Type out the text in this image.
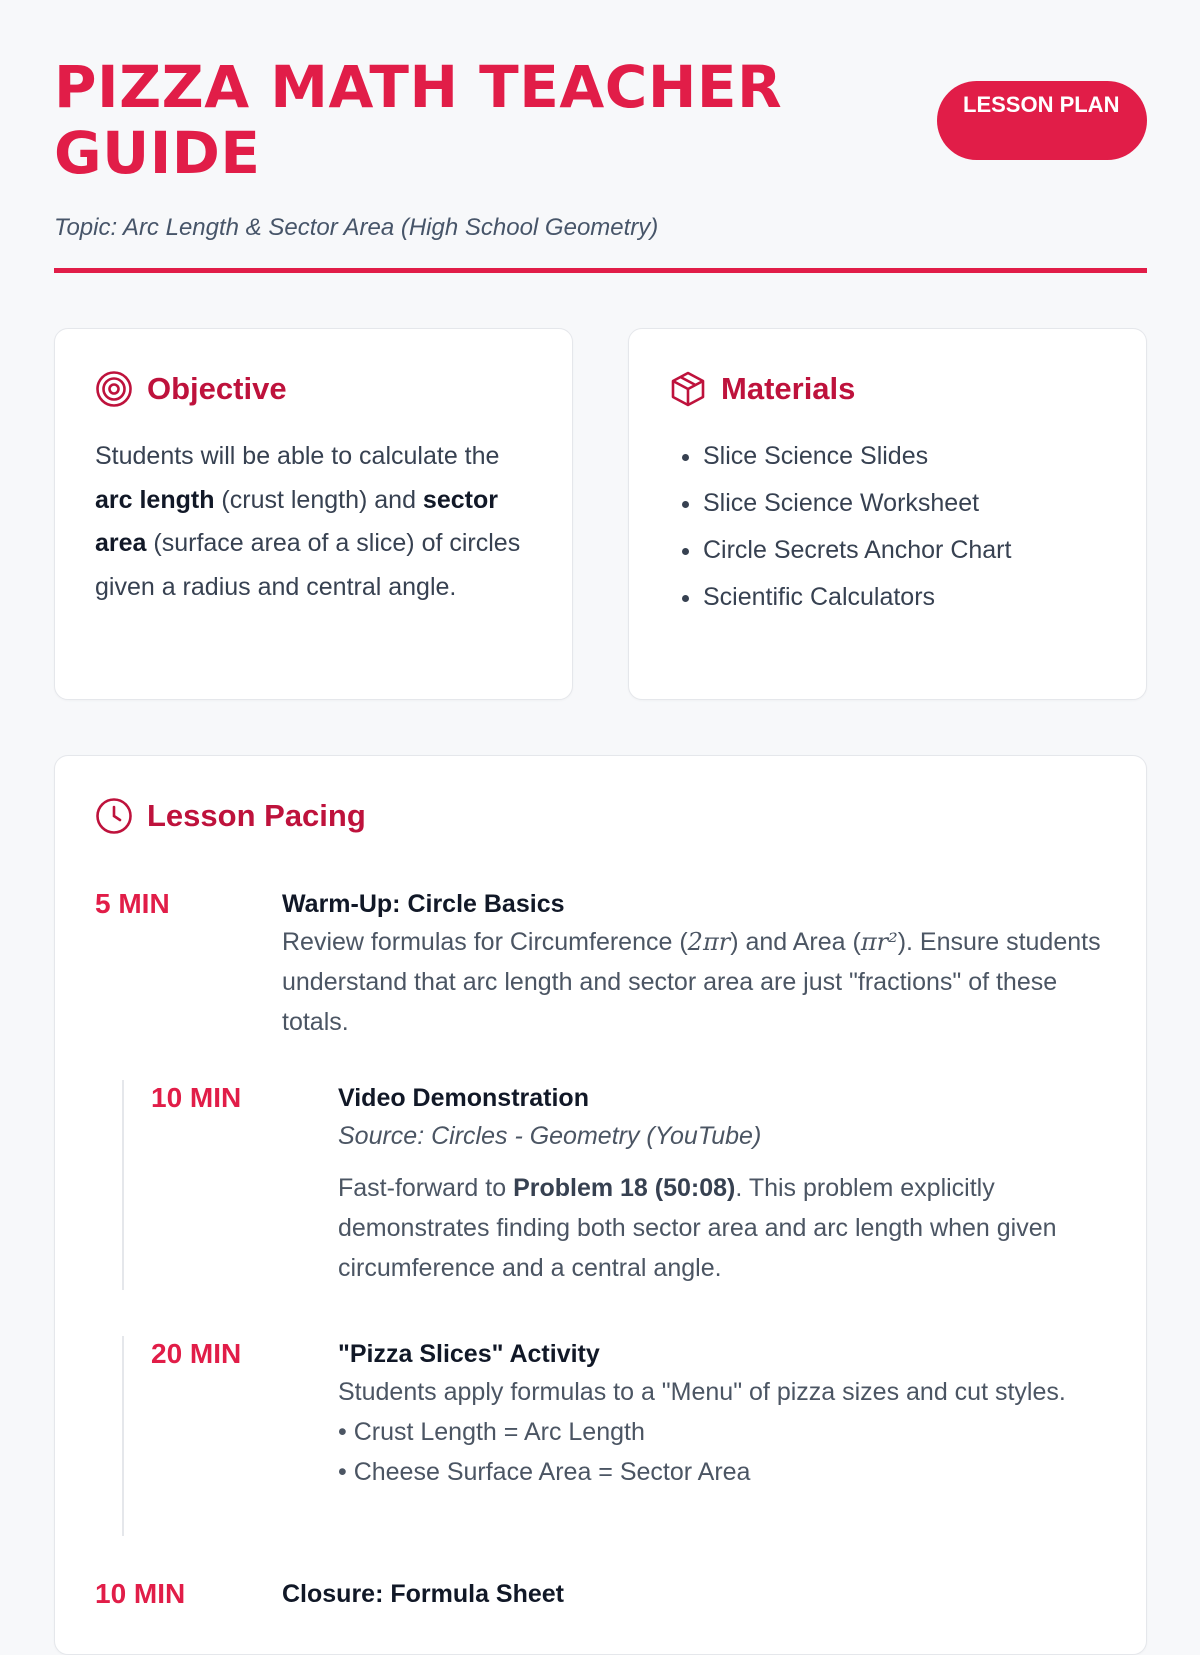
PIZZA MATH TEACHER GUIDE
LESSON PLAN
Topic: Arc Length & Sector Area (High School Geometry)
Objective
Students will be able to calculate the arc length (crust length) and sector area (surface area of a slice) of circles given a radius and central angle.
Materials
• Slice Science Slides
• Slice Science Worksheet
• Circle Secrets Anchor Chart
• Scientific Calculators
Lesson Pacing
5 MIN	Warm-Up: Circle Basics

Review formulas for Circumference (2πr) and Area (πr²). Ensure students understand that arc length and sector area are just "fractions" of these totals.

10 MIN	Video Demonstration

Source: Circles - Geometry (YouTube)

Fast-forward to Problem 18 (50:08). This problem explicitly demonstrates finding both sector area and arc length when given circumference and a central angle.

20 MIN	"Pizza Slices" Activity

Students apply formulas to a "Menu" of pizza sizes and cut styles.

• Crust Length = Arc Length

• Cheese Surface Area = Sector Area

10 MIN	Closure: Formula Sheet
